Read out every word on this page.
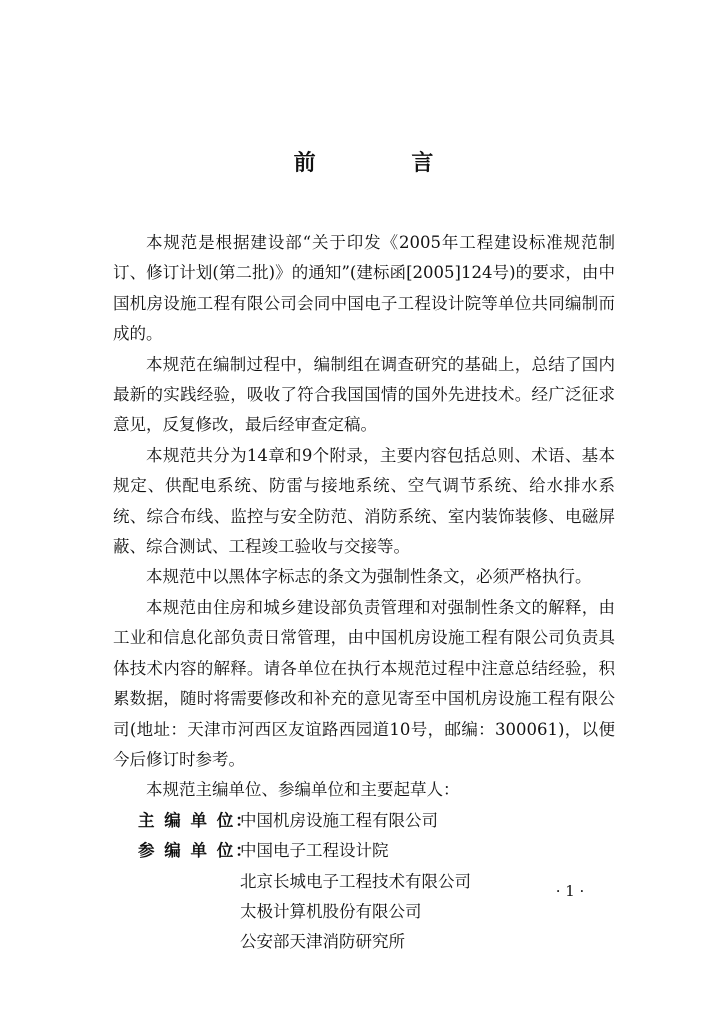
前 言

本规范是根据建设部“关于印发《2005年工程建设标准规范制订、修订计划(第二批)》的通知”(建标函[2005]124号)的要求，由中国机房设施工程有限公司会同中国电子工程设计院等单位共同编制而成的。

本规范在编制过程中，编制组在调查研究的基础上，总结了国内最新的实践经验，吸收了符合我国国情的国外先进技术。经广泛征求意见，反复修改，最后经审查定稿。

本规范共分为14章和9个附录，主要内容包括总则、术语、基本规定、供配电系统、防雷与接地系统、空气调节系统、给水排水系统、综合布线、监控与安全防范、消防系统、室内装饰装修、电磁屏蔽、综合测试、工程竣工验收与交接等。

本规范中以黑体字标志的条文为强制性条文，必须严格执行。

本规范由住房和城乡建设部负责管理和对强制性条文的解释，由工业和信息化部负责日常管理，由中国机房设施工程有限公司负责具体技术内容的解释。请各单位在执行本规范过程中注意总结经验，积累数据，随时将需要修改和补充的意见寄至中国机房设施工程有限公司(地址：天津市河西区友谊路西园道10号，邮编：300061)，以便今后修订时参考。

本规范主编单位、参编单位和主要起草人：

主 编 单 位：
中国机房设施工程有限公司
参 编 单 位：
中国电子工程设计院
北京长城电子工程技术有限公司
太极计算机股份有限公司
公安部天津消防研究所
· 1 ·
